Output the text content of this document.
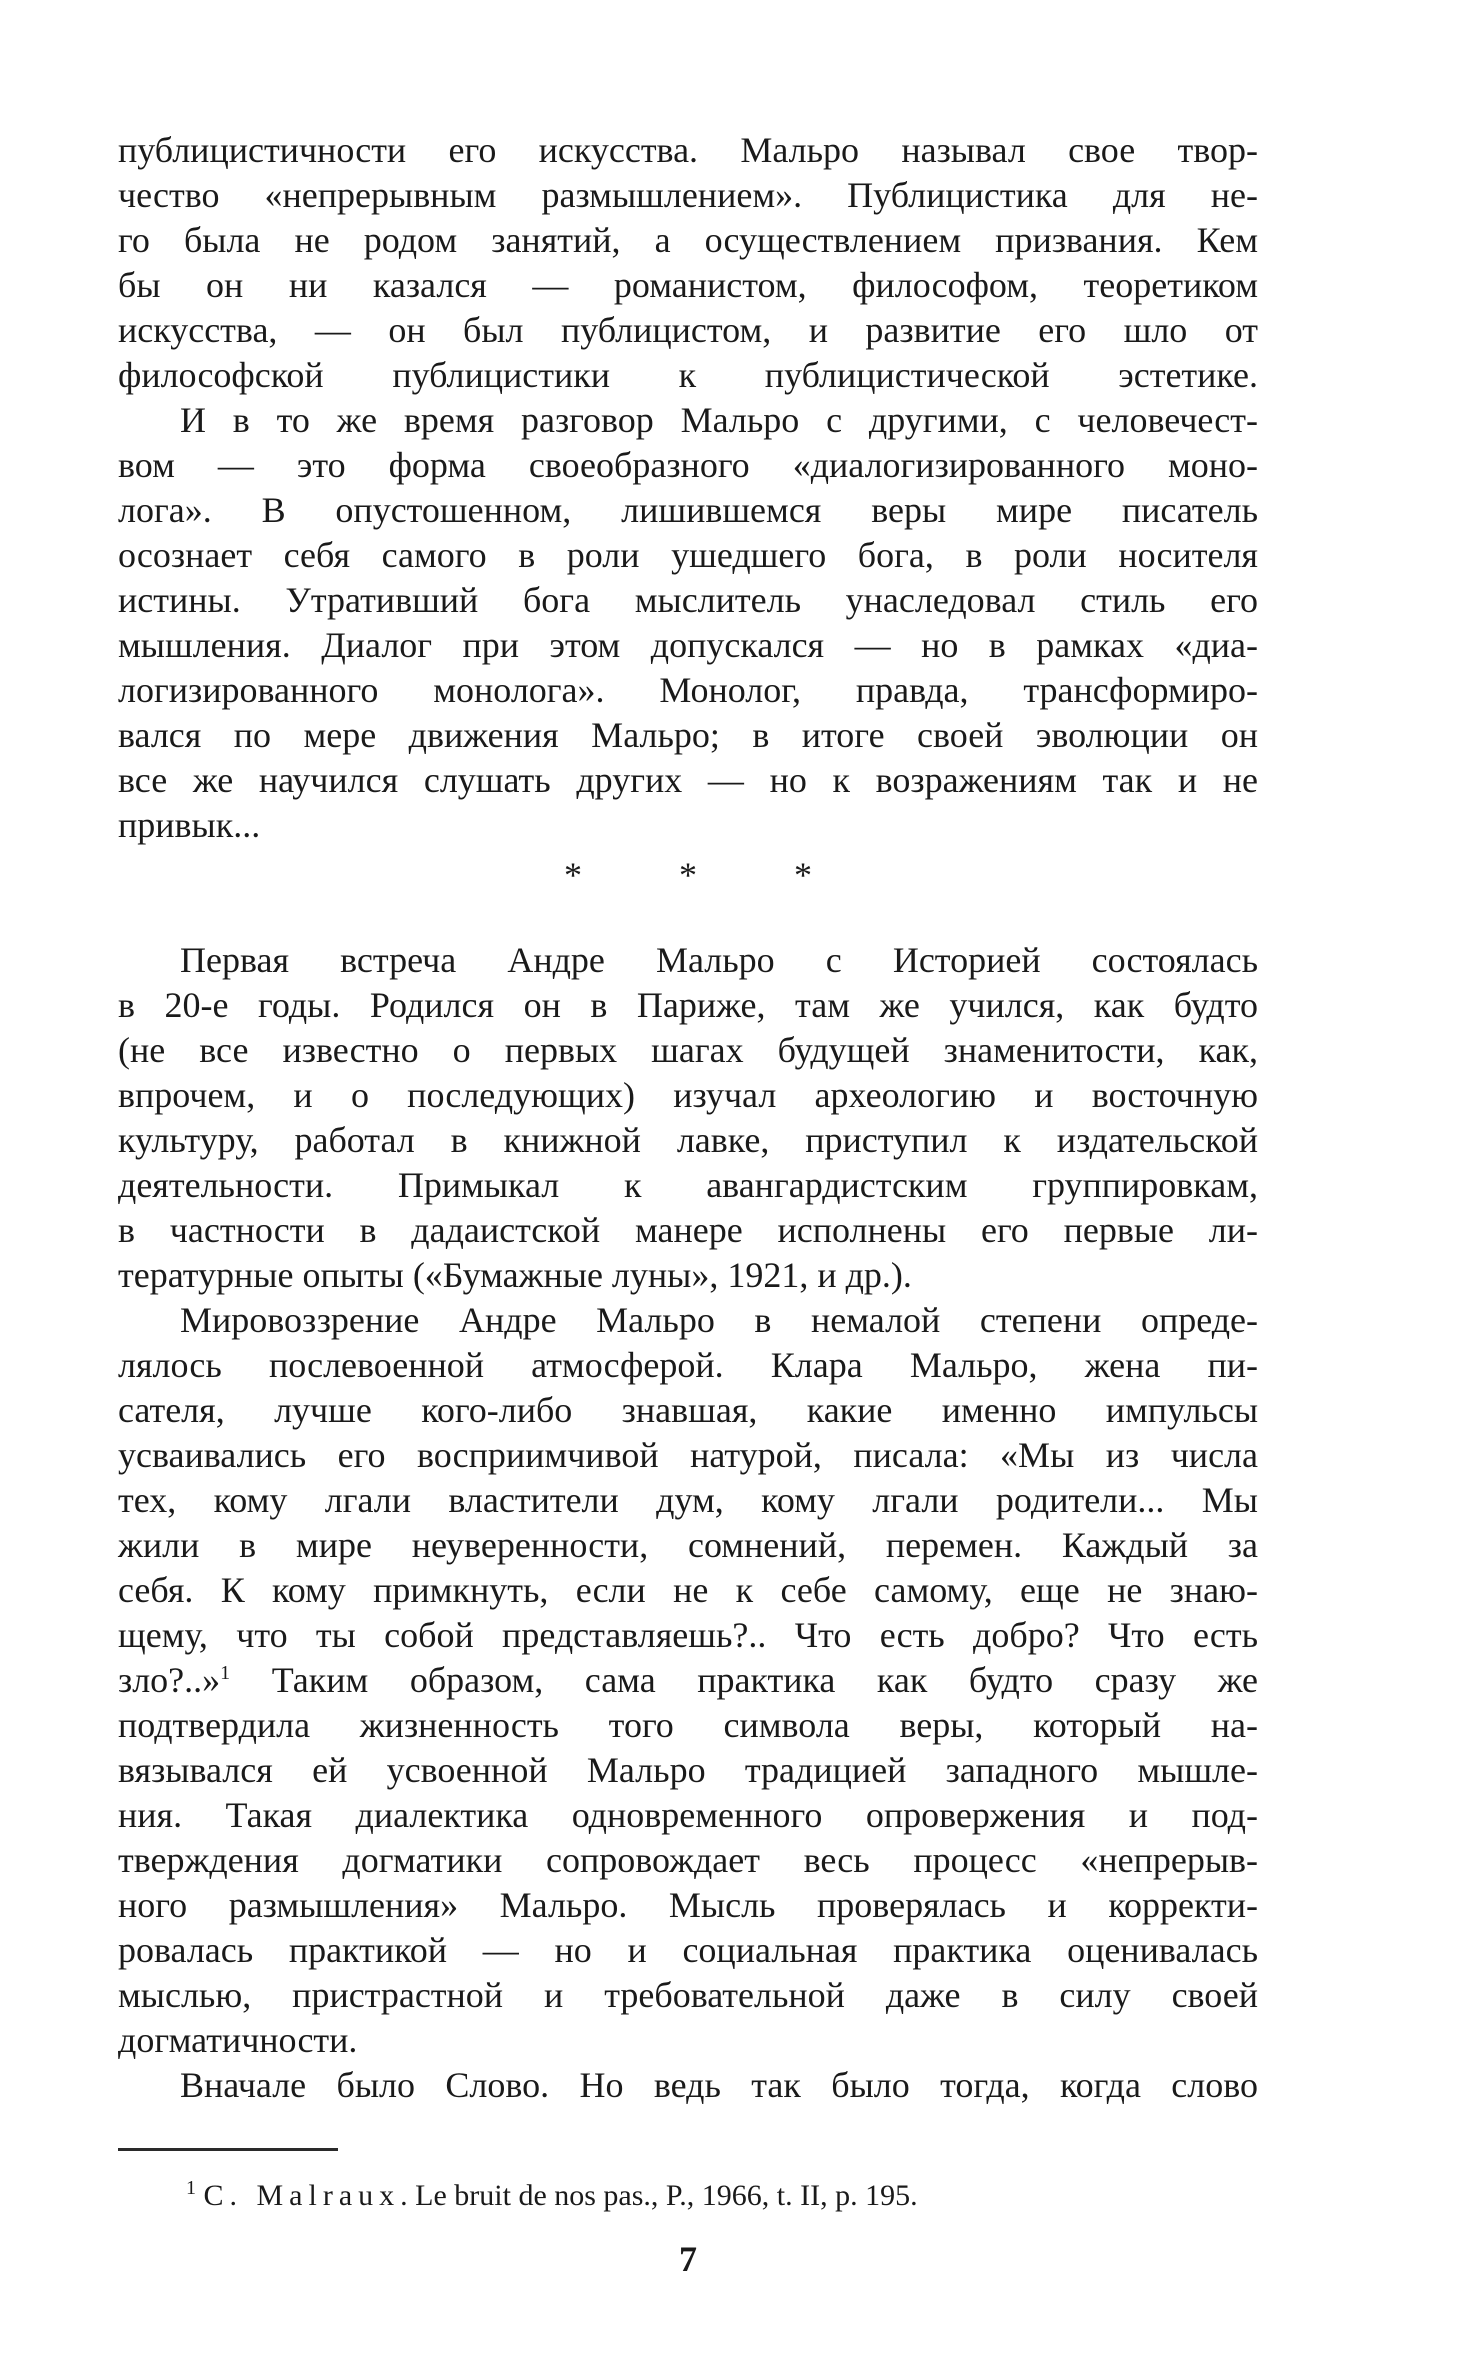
публицистичности его искусства. Мальро называл свое твор-
чество «непрерывным размышлением». Публицистика для не-
го была не родом занятий, а осуществлением призвания. Кем
бы он ни казался — романистом, философом, теоретиком
искусства, — он был публицистом, и развитие его шло от
философской публицистики к публицистической эстетике.

И в то же время разговор Мальро с другими, с человечест-
вом — это форма своеобразного «диалогизированного моно-
лога». В опустошенном, лишившемся веры мире писатель
осознает себя самого в роли ушедшего бога, в роли носителя
истины. Утративший бога мыслитель унаследовал стиль его
мышления. Диалог при этом допускался — но в рамках «диа-
логизированного монолога». Монолог, правда, трансформиро-
вался по мере движения Мальро; в итоге своей эволюции он
все же научился слушать других — но к возражениям так и не
привык...

* * *

Первая встреча Андре Мальро с Историей состоялась
в 20-е годы. Родился он в Париже, там же учился, как будто
(не все известно о первых шагах будущей знаменитости, как,
впрочем, и о последующих) изучал археологию и восточную
культуру, работал в книжной лавке, приступил к издательской
деятельности. Примыкал к авангардистским группировкам,
в частности в дадаистской манере исполнены его первые ли-
тературные опыты («Бумажные луны», 1921, и др.).

Мировоззрение Андре Мальро в немалой степени опреде-
лялось послевоенной атмосферой. Клара Мальро, жена пи-
сателя, лучше кого-либо знавшая, какие именно импульсы
усваивались его восприимчивой натурой, писала: «Мы из числа
тех, кому лгали властители дум, кому лгали родители... Мы
жили в мире неуверенности, сомнений, перемен. Каждый за
себя. К кому примкнуть, если не к себе самому, еще не знаю-
щему, что ты собой представляешь?.. Что есть добро? Что есть
зло?..»$^1$ Таким образом, сама практика как будто сразу же
подтвердила жизненность того символа веры, который на-
вязывался ей усвоенной Мальро традицией западного мышле-
ния. Такая диалектика одновременного опровержения и под-
тверждения догматики сопровождает весь процесс «непрерыв-
ного размышления» Мальро. Мысль проверялась и корректи-
ровалась практикой — но и социальная практика оценивалась
мыслью, пристрастной и требовательной даже в силу своей
догматичности.

Вначале было Слово. Но ведь так было тогда, когда слово

$^1$ C. Malraux. Le bruit de nos pas., P., 1966, t. II, p. 195.
7
